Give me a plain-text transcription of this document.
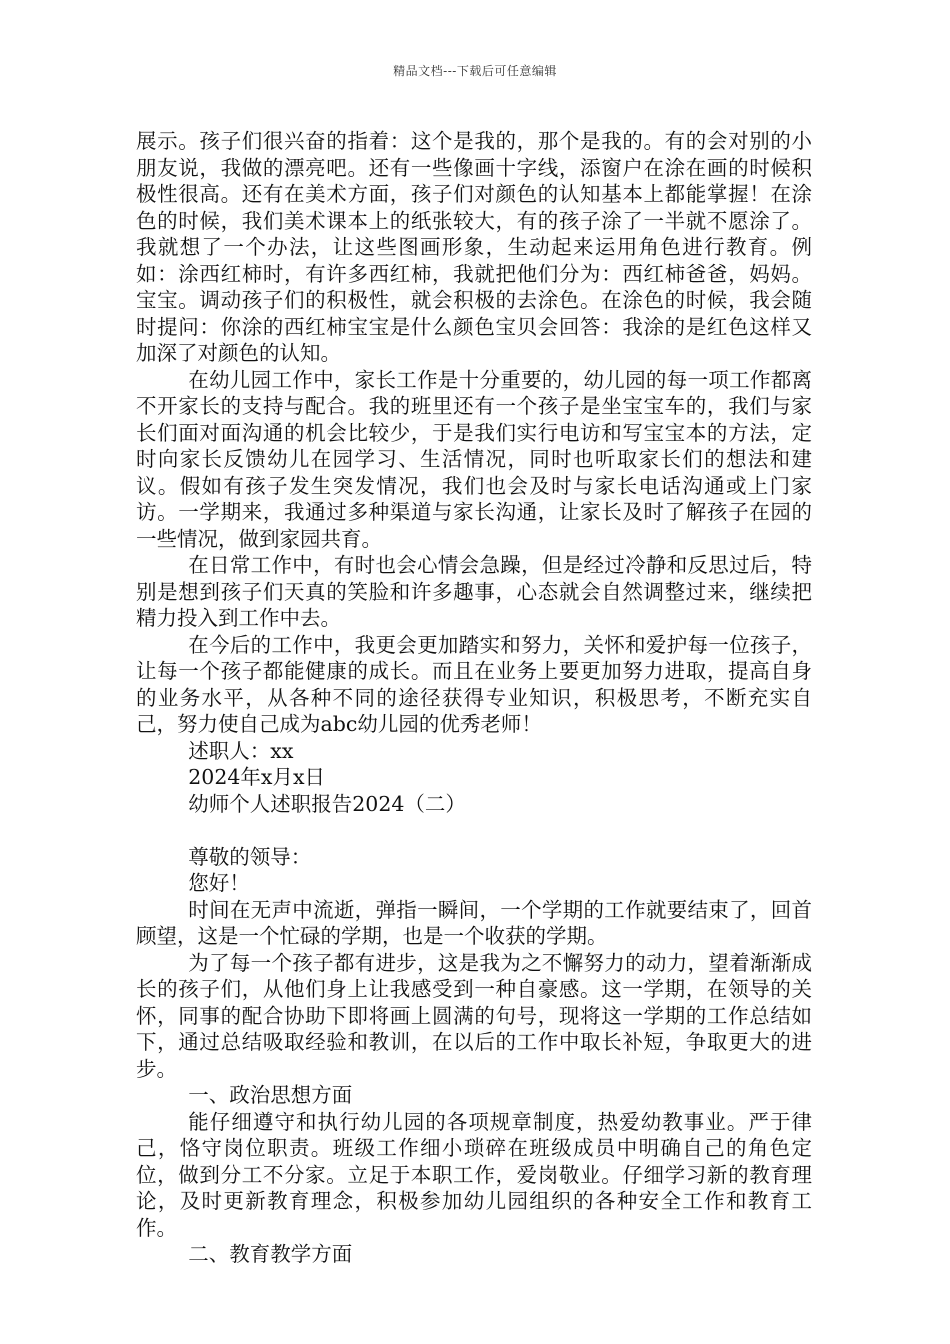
精品文档---下载后可任意编辑

展示。孩子们很兴奋的指着：这个是我的，那个是我的。有的会对别的小朋友说，我做的漂亮吧。还有一些像画十字线，添窗户在涂在画的时候积极性很高。还有在美术方面，孩子们对颜色的认知基本上都能掌握！在涂色的时候，我们美术课本上的纸张较大，有的孩子涂了一半就不愿涂了。我就想了一个办法，让这些图画形象，生动起来运用角色进行教育。例如：涂西红柿时，有许多西红柿，我就把他们分为：西红柿爸爸，妈妈。宝宝。调动孩子们的积极性，就会积极的去涂色。在涂色的时候，我会随时提问：你涂的西红柿宝宝是什么颜色宝贝会回答：我涂的是红色这样又加深了对颜色的认知。

在幼儿园工作中，家长工作是十分重要的，幼儿园的每一项工作都离不开家长的支持与配合。我的班里还有一个孩子是坐宝宝车的，我们与家长们面对面沟通的机会比较少，于是我们实行电访和写宝宝本的方法，定时向家长反馈幼儿在园学习、生活情况，同时也听取家长们的想法和建议。假如有孩子发生突发情况，我们也会及时与家长电话沟通或上门家访。一学期来，我通过多种渠道与家长沟通，让家长及时了解孩子在园的一些情况，做到家园共育。

在日常工作中，有时也会心情会急躁，但是经过冷静和反思过后，特别是想到孩子们天真的笑脸和许多趣事，心态就会自然调整过来，继续把精力投入到工作中去。

在今后的工作中，我更会更加踏实和努力，关怀和爱护每一位孩子，让每一个孩子都能健康的成长。而且在业务上要更加努力进取，提高自身的业务水平，从各种不同的途径获得专业知识，积极思考，不断充实自己，努力使自己成为abc幼儿园的优秀老师！

述职人：xx

2024年x月x日

幼师个人述职报告2024（二）

尊敬的领导：

您好！

时间在无声中流逝，弹指一瞬间，一个学期的工作就要结束了，回首顾望，这是一个忙碌的学期，也是一个收获的学期。

为了每一个孩子都有进步，这是我为之不懈努力的动力，望着渐渐成长的孩子们，从他们身上让我感受到一种自豪感。这一学期，在领导的关怀，同事的配合协助下即将画上圆满的句号，现将这一学期的工作总结如下，通过总结吸取经验和教训，在以后的工作中取长补短，争取更大的进步。

一、政治思想方面

能仔细遵守和执行幼儿园的各项规章制度，热爱幼教事业。严于律己，恪守岗位职责。班级工作细小琐碎在班级成员中明确自己的角色定位，做到分工不分家。立足于本职工作，爱岗敬业。仔细学习新的教育理论，及时更新教育理念，积极参加幼儿园组织的各种安全工作和教育工作。

二、教育教学方面
